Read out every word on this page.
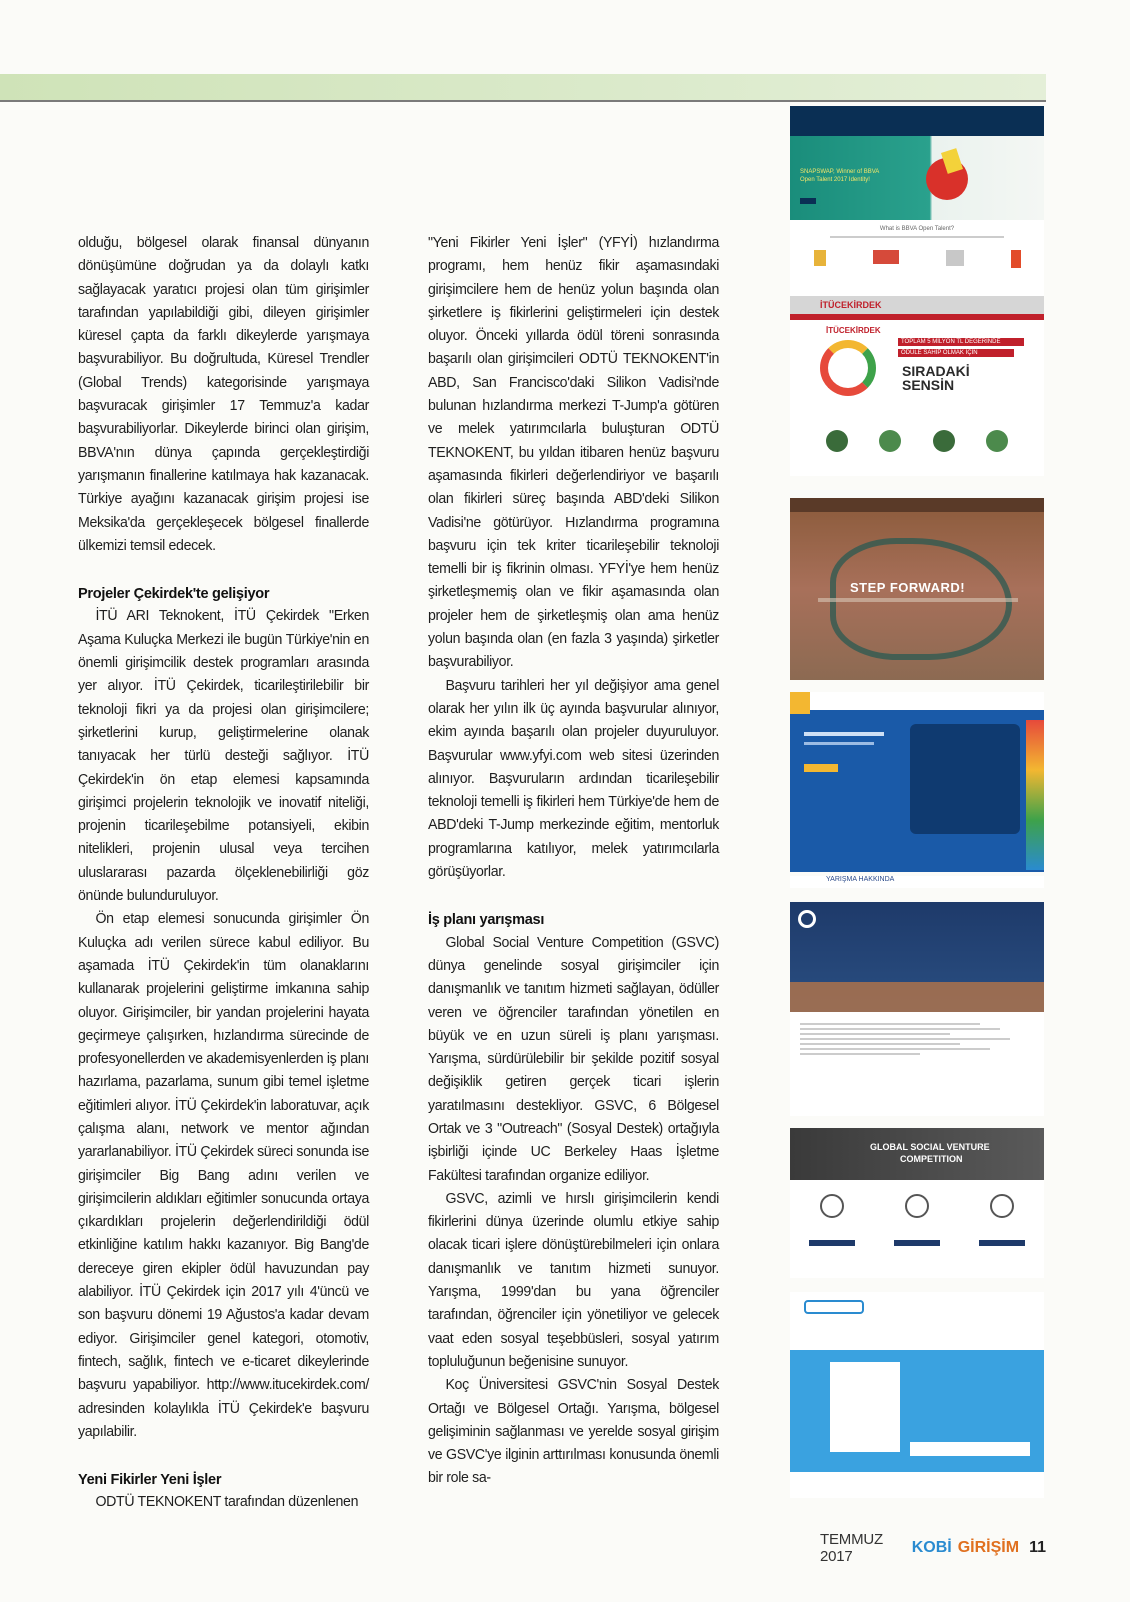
olduğu, bölgesel olarak finansal dünyanın dönüşümüne doğrudan ya da dolaylı katkı sağlayacak yaratıcı projesi olan tüm girişimler tarafından yapılabildiği gibi, dileyen girişimler küresel çapta da farklı dikeylerde yarışmaya başvurabiliyor. Bu doğrultuda, Küresel Trendler (Global Trends) kategorisinde yarışmaya başvuracak girişimler 17 Temmuz'a kadar başvurabiliyorlar. Dikeylerde birinci olan girişim, BBVA'nın dünya çapında gerçekleştirdiği yarışmanın finallerine katılmaya hak kazanacak. Türkiye ayağını kazanacak girişim projesi ise Meksika'da gerçekleşecek bölgesel finallerde ülkemizi temsil edecek.

Projeler Çekirdek'te gelişiyor

İTÜ ARI Teknokent, İTÜ Çekirdek "Erken Aşama Kuluçka Merkezi ile bugün Türkiye'nin en önemli girişimcilik destek programları arasında yer alıyor. İTÜ Çekirdek, ticarileştirilebilir bir teknoloji fikri ya da projesi olan girişimcilere; şirketlerini kurup, geliştirmelerine olanak tanıyacak her türlü desteği sağlıyor. İTÜ Çekirdek'in ön etap elemesi kapsamında girişimci projelerin teknolojik ve inovatif niteliği, projenin ticarileşebilme potansiyeli, ekibin nitelikleri, projenin ulusal veya tercihen uluslararası pazarda ölçeklenebilirliği göz önünde bulunduruluyor.

Ön etap elemesi sonucunda girişimler Ön Kuluçka adı verilen sürece kabul ediliyor. Bu aşamada İTÜ Çekirdek'in tüm olanaklarını kullanarak projelerini geliştirme imkanına sahip oluyor. Girişimciler, bir yandan projelerini hayata geçirmeye çalışırken, hızlandırma sürecinde de profesyonellerden ve akademisyenlerden iş planı hazırlama, pazarlama, sunum gibi temel işletme eğitimleri alıyor. İTÜ Çekirdek'in laboratuvar, açık çalışma alanı, network ve mentor ağından yararlanabiliyor. İTÜ Çekirdek süreci sonunda ise girişimciler Big Bang adını verilen ve girişimcilerin aldıkları eğitimler sonucunda ortaya çıkardıkları projelerin değerlendirildiği ödül etkinliğine katılım hakkı kazanıyor. Big Bang'de dereceye giren ekipler ödül havuzundan pay alabiliyor. İTÜ Çekirdek için 2017 yılı 4'üncü ve son başvuru dönemi 19 Ağustos'a kadar devam ediyor. Girişimciler genel kategori, otomotiv, fintech, sağlık, fintech ve e-ticaret dikeylerinde başvuru yapabiliyor. http://www.itucekirdek.com/ adresinden kolaylıkla İTÜ Çekirdek'e başvuru yapılabilir.

Yeni Fikirler Yeni İşler

ODTÜ TEKNOKENT tarafından düzenlenen

"Yeni Fikirler Yeni İşler" (YFYİ) hızlandırma programı, hem henüz fikir aşamasındaki girişimcilere hem de henüz yolun başında olan şirketlere iş fikirlerini geliştirmeleri için destek oluyor. Önceki yıllarda ödül töreni sonrasında başarılı olan girişimcileri ODTÜ TEKNOKENT'in ABD, San Francisco'daki Silikon Vadisi'nde bulunan hızlandırma merkezi T-Jump'a götüren ve melek yatırımcılarla buluşturan ODTÜ TEKNOKENT, bu yıldan itibaren henüz başvuru aşamasında fikirleri değerlendiriyor ve başarılı olan fikirleri süreç başında ABD'deki Silikon Vadisi'ne götürüyor. Hızlandırma programına başvuru için tek kriter ticarileşebilir teknoloji temelli bir iş fikrinin olması. YFYİ'ye hem henüz şirketleşmemiş olan ve fikir aşamasında olan projeler hem de şirketleşmiş olan ama henüz yolun başında olan (en fazla 3 yaşında) şirketler başvurabiliyor.

Başvuru tarihleri her yıl değişiyor ama genel olarak her yılın ilk üç ayında başvurular alınıyor, ekim ayında başarılı olan projeler duyuruluyor. Başvurular www.yfyi.com web sitesi üzerinden alınıyor. Başvuruların ardından ticarileşebilir teknoloji temelli iş fikirleri hem Türkiye'de hem de ABD'deki T-Jump merkezinde eğitim, mentorluk programlarına katılıyor, melek yatırımcılarla görüşüyorlar.

İş planı yarışması

Global Social Venture Competition (GSVC) dünya genelinde sosyal girişimciler için danışmanlık ve tanıtım hizmeti sağlayan, ödüller veren ve öğrenciler tarafından yönetilen en büyük ve en uzun süreli iş planı yarışması. Yarışma, sürdürülebilir bir şekilde pozitif sosyal değişiklik getiren gerçek ticari işlerin yaratılmasını destekliyor. GSVC, 6 Bölgesel Ortak ve 3 "Outreach" (Sosyal Destek) ortağıyla işbirliği içinde UC Berkeley Haas İşletme Fakültesi tarafından organize ediliyor.

GSVC, azimli ve hırslı girişimcilerin kendi fikirlerini dünya üzerinde olumlu etkiye sahip olacak ticari işlere dönüştürebilmeleri için onlara danışmanlık ve tanıtım hizmeti sunuyor. Yarışma, 1999'dan bu yana öğrenciler tarafından, öğrenciler için yönetiliyor ve gelecek vaat eden sosyal teşebbüsleri, sosyal yatırım topluluğunun beğenisine sunuyor.

Koç Üniversitesi GSVC'nin Sosyal Destek Ortağı ve Bölgesel Ortağı. Yarışma, bölgesel gelişiminin sağlanması ve yerelde sosyal girişim ve GSVC'ye ilginin arttırılması konusunda önemli bir role sa-

SNAPSWAP, Winner of BBVA Open Talent 2017 Identity!
What is BBVA Open Talent?
İTÜCEKİRDEK
İTÜCEKİRDEK
TOPLAM 5 MİLYON TL DEĞERİNDE
ÖDÜLE SAHİP OLMAK İÇİN
SIRADAKİ
SENSİN
STEP FORWARD!
YARIŞMA HAKKINDA
GLOBAL SOCIAL VENTURE
COMPETITION
TEMMUZ 2017
KOBİ GİRİŞİM 11
